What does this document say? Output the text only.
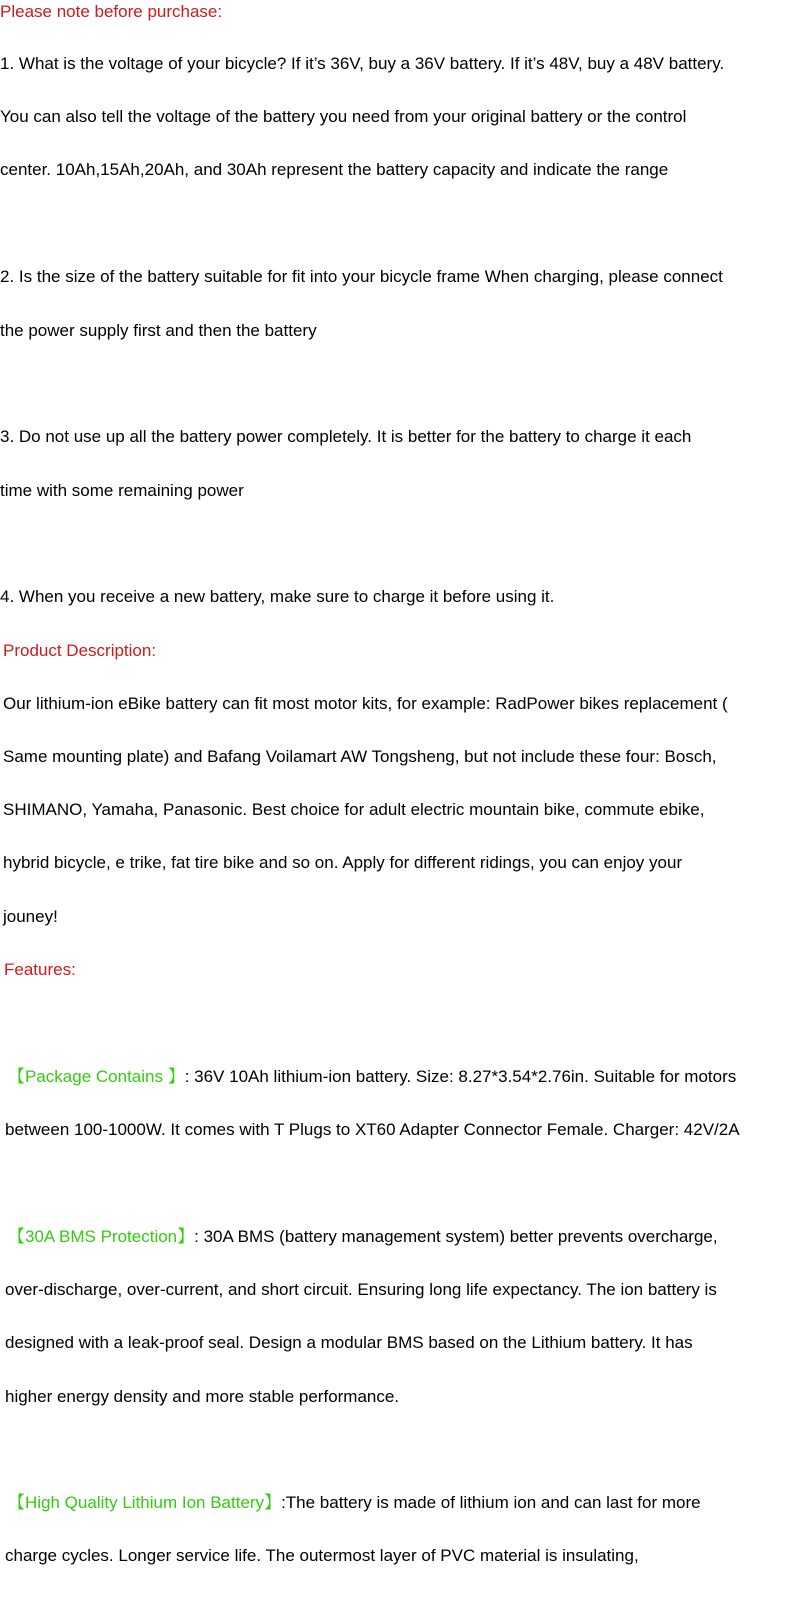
Please note before purchase:
1. What is the voltage of your bicycle? If it’s 36V, buy a 36V battery. If it’s 48V, buy a 48V battery.
You can also tell the voltage of the battery you need from your original battery or the control
center. 10Ah,15Ah,20Ah, and 30Ah represent the battery capacity and indicate the range
2. Is the size of the battery suitable for fit into your bicycle frame When charging, please connect
the power supply first and then the battery
3. Do not use up all the battery power completely. It is better for the battery to charge it each
time with some remaining power
4. When you receive a new battery, make sure to charge it before using it.
Product Description:
Our lithium-ion eBike battery can fit most motor kits, for example: RadPower bikes replacement (
Same mounting plate) and Bafang Voilamart AW Tongsheng, but not include these four: Bosch,
SHIMANO, Yamaha, Panasonic. Best choice for adult electric mountain bike, commute ebike,
hybrid bicycle, e trike, fat tire bike and so on. Apply for different ridings, you can enjoy your
jouney!
Features:
【Package Contains 】: 36V 10Ah lithium-ion battery. Size: 8.27*3.54*2.76in. Suitable for motors
between 100-1000W. It comes with T Plugs to XT60 Adapter Connector Female. Charger: 42V/2A
【30A BMS Protection】: 30A BMS (battery management system) better prevents overcharge,
over-discharge, over-current, and short circuit. Ensuring long life expectancy. The ion battery is
designed with a leak-proof seal. Design a modular BMS based on the Lithium battery. It has
higher energy density and more stable performance.
【High Quality Lithium Ion Battery】:The battery is made of lithium ion and can last for more
charge cycles. Longer service life. The outermost layer of PVC material is insulating,
